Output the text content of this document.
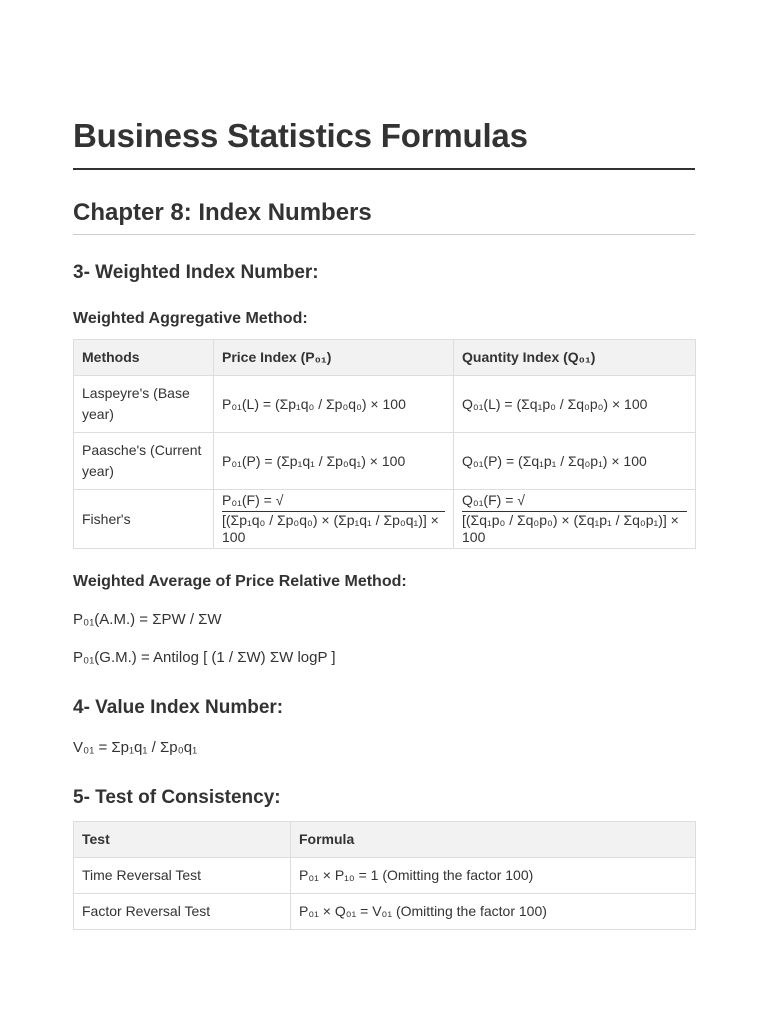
Business Statistics Formulas
Chapter 8: Index Numbers
3- Weighted Index Number:

Weighted Aggregative Method:

Methods	Price Index (P₀₁)	Quantity Index (Q₀₁)
Laspeyre's (Base year)	P₀₁(L) = (Σp₁q₀ / Σp₀q₀) × 100	Q₀₁(L) = (Σq₁p₀ / Σq₀p₀) × 100
Paasche's (Current year)	P₀₁(P) = (Σp₁q₁ / Σp₀q₁) × 100	Q₀₁(P) = (Σq₁p₁ / Σq₀p₁) × 100
Fisher's	P₀₁(F) = √[(Σp₁q₀ / Σp₀q₀) × (Σp₁q₁ / Σp₀q₁)] × 100	Q₀₁(F) = √[(Σq₁p₀ / Σq₀p₀) × (Σq₁p₁ / Σq₀p₁)] × 100

Weighted Average of Price Relative Method:

P₀₁(A.M.) = ΣPW / ΣW

P₀₁(G.M.) = Antilog [ (1 / ΣW) ΣW logP ]

4- Value Index Number:

V₀₁ = Σp₁q₁ / Σp₀q₁

5- Test of Consistency:
Test	Formula
Time Reversal Test	P₀₁ × P₁₀ = 1 (Omitting the factor 100)
Factor Reversal Test	P₀₁ × Q₀₁ = V₀₁ (Omitting the factor 100)
